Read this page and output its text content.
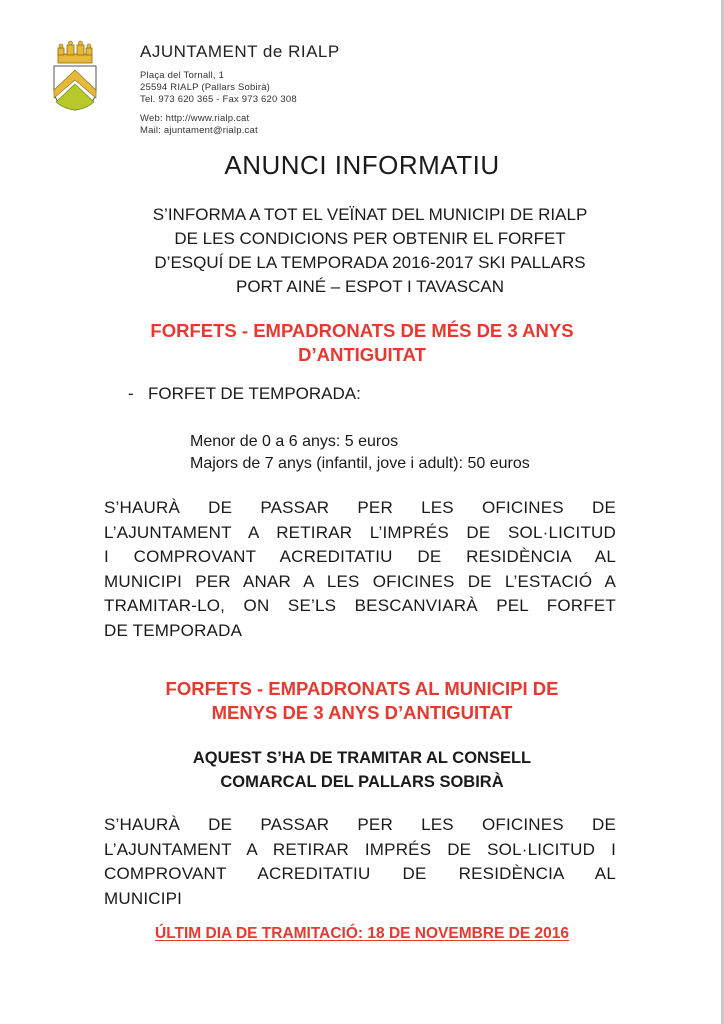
AJUNTAMENT de RIALP
Plaça del Tornall, 1
25594 RIALP (Pallars Sobirà)
Tel. 973 620 365 - Fax 973 620 308
Web: http://www.rialp.cat
Mail: ajuntament@rialp.cat
ANUNCI INFORMATIU
S’INFORMA A TOT EL VEÏNAT DEL MUNICIPI DE RIALP
DE LES CONDICIONS PER OBTENIR EL FORFET
D’ESQUÍ DE LA TEMPORADA 2016-2017 SKI PALLARS
PORT AINÉ – ESPOT I TAVASCAN
FORFETS - EMPADRONATS DE MÉS DE 3 ANYS
D’ANTIGUITAT
- FORFET DE TEMPORADA:
Menor de 0 a 6 anys: 5 euros
Majors de 7 anys (infantil, jove i adult): 50 euros
S’HAURÀ DE PASSAR PER LES OFICINES DE
L’AJUNTAMENT A RETIRAR L’IMPRÉS DE SOL·LICITUD
I COMPROVANT ACREDITATIU DE RESIDÈNCIA AL
MUNICIPI PER ANAR A LES OFICINES DE L’ESTACIÓ A
TRAMITAR-LO, ON SE’LS BESCANVIARÀ PEL FORFET
DE TEMPORADA
FORFETS - EMPADRONATS AL MUNICIPI DE
MENYS DE 3 ANYS D’ANTIGUITAT
AQUEST S’HA DE TRAMITAR AL CONSELL
COMARCAL DEL PALLARS SOBIRÀ
S’HAURÀ DE PASSAR PER LES OFICINES DE
L’AJUNTAMENT A RETIRAR IMPRÉS DE SOL·LICITUD I
COMPROVANT ACREDITATIU DE RESIDÈNCIA AL
MUNICIPI
ÚLTIM DIA DE TRAMITACIÓ: 18 DE NOVEMBRE DE 2016
